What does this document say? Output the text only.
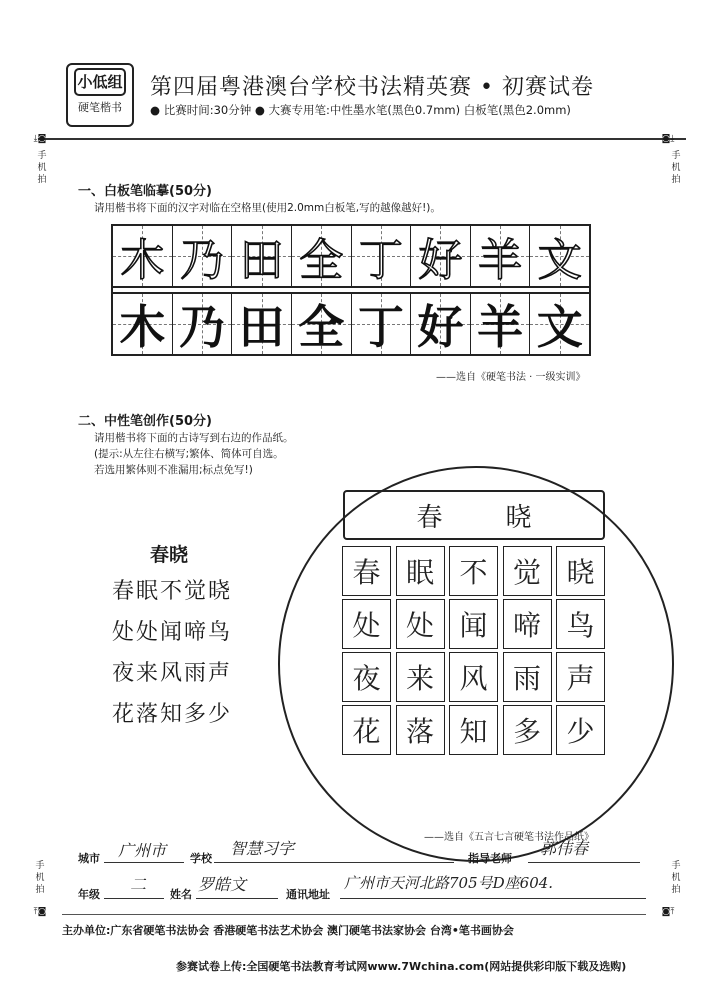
小低组
硬笔楷书
第四届粤港澳台学校书法精英赛 • 初赛试卷
● 比赛时间:30分钟 ● 大赛专用笔:中性墨水笔(黑色0.7mm) 白板笔(黑色2.0mm)
⤓◙
手机拍
◙⤓
手机拍
手机拍
⤒◙
手机拍
◙⤒
一、白板笔临摹(50分)
请用楷书将下面的汉字对临在空格里(使用2.0mm白板笔,写的越像越好!)。
木 乃 田 全 丁 好 羊 文
木 乃 田 全 丁 好 羊 文
——选自《硬笔书法 · 一级实训》
二、中性笔创作(50分)
请用楷书将下面的古诗写到右边的作品纸。
(提示:从左往右横写;繁体、简体可自选。
若选用繁体则不准漏用;标点免写!)
春晓
春眠不觉晓
处处闻啼鸟
夜来风雨声
花落知多少
春 晓
春 眠 不 觉 晓
处 处 闻 啼 鸟
夜 来 风 雨 声
花 落 知 多 少
——选自《五言七言硬笔书法作品纸》
城市 广州市 学校
智慧习字
指导老师
郭伟春
年级
二
姓名
罗皓文
通讯地址
广州市天河北路705号D座604.
主办单位:广东省硬笔书法协会 香港硬笔书法艺术协会 澳门硬笔书法家协会 台湾•笔书画协会
参赛试卷上传:全国硬笔书法教育考试网www.7Wchina.com(网站提供彩印版下载及选购)
